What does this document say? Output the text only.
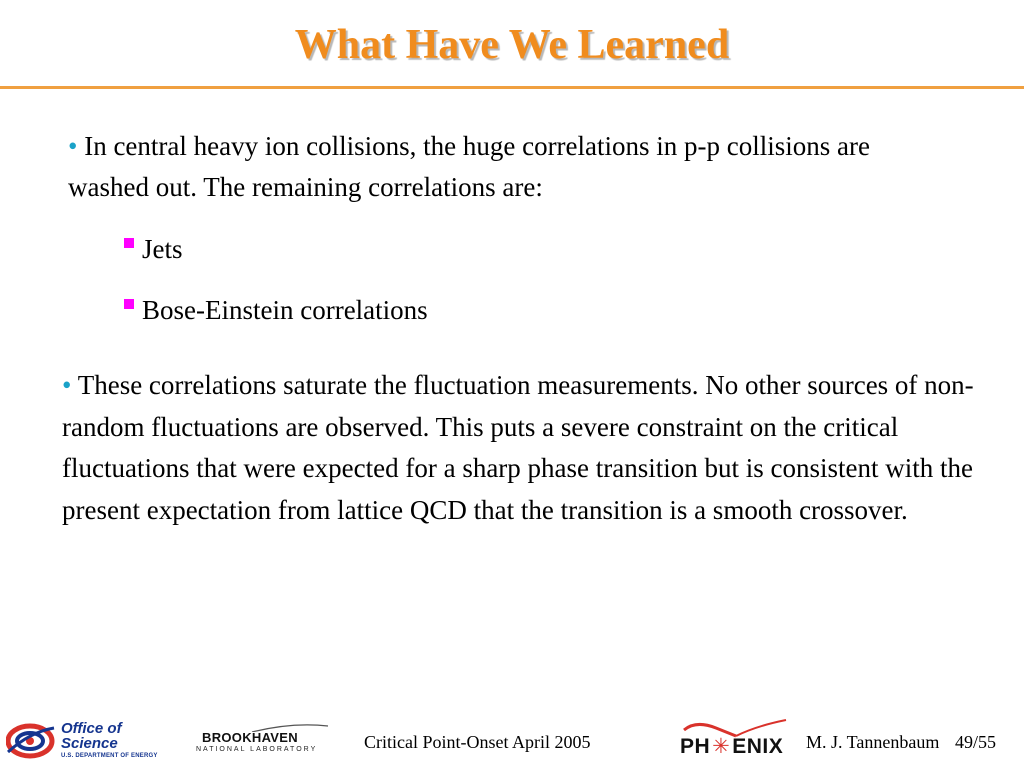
What Have We Learned
• In central heavy ion collisions, the huge correlations in p-p collisions are washed out. The remaining correlations are:
Jets
Bose-Einstein correlations
• These correlations saturate the fluctuation measurements. No other sources of non-random fluctuations are observed. This puts a severe constraint on the critical fluctuations that were expected for a sharp phase transition but is consistent with the present expectation from lattice QCD that the transition is a smooth crossover.
Office of
Science
U.S. DEPARTMENT OF ENERGY
BROOKHAVEN
NATIONAL LABORATORY	Critical Point-Onset April 2005	PH✳ENIX M. J. Tannenbaum 49/55
